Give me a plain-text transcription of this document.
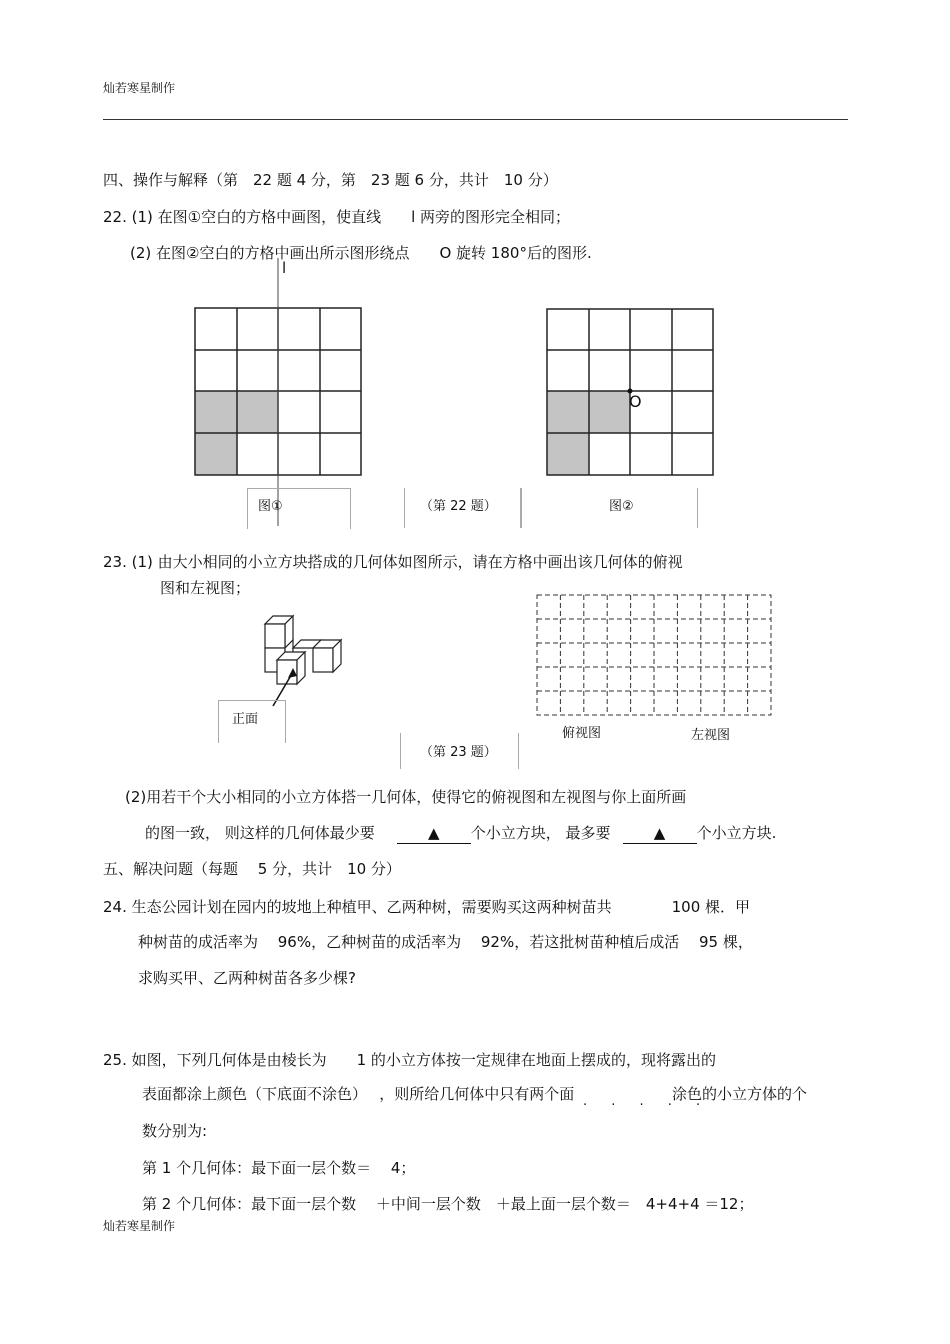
灿若寒星制作
四、操作与解释（第　22 题 4 分，第　23 题 6 分，共计　10 分）
22. (1) 在图①空白的方格中画图，使直线　　l 两旁的图形完全相同；
(2) 在图②空白的方格中画出所示图形绕点　　O 旋转 180°后的图形.
l
O
图①	（第 22 题）	图②
23. (1) 由大小相同的小立方块搭成的几何体如图所示，请在方格中画出该几何体的俯视
图和左视图；
正面
（第 23 题）
俯视图	左视图
(2)用若干个大小相同的小立方体搭一几何体，使得它的俯视图和左视图与你上面所画
的图一致， 则这样的几何体最少要	▲ 个小立方块， 最多要	▲ 个小立方块.
五、解决问题（每题　 5 分，共计　10 分）
24. 生态公园计划在园内的坡地上种植甲、乙两种树，需要购买这两种树苗共　　　　100 棵．甲
种树苗的成活率为　 96%，乙种树苗的成活率为　 92%，若这批树苗种植后成活　 95 棵，
求购买甲、乙两种树苗各多少棵?
25. 如图，下列几何体是由棱长为　　1 的小立方体按一定规律在地面上摆成的，现将露出的
表面都涂上颜色（下底面不涂色）　 ，则所给几何体中只有两个面	涂色的小立方体的个
. . . . .
数分别为:
第 1 个几何体：最下面一层个数＝　 4；
第 2 个几何体：最下面一层个数　 ＋中间一层个数　＋最上面一层个数＝　4+4+4 ＝12；
灿若寒星制作
